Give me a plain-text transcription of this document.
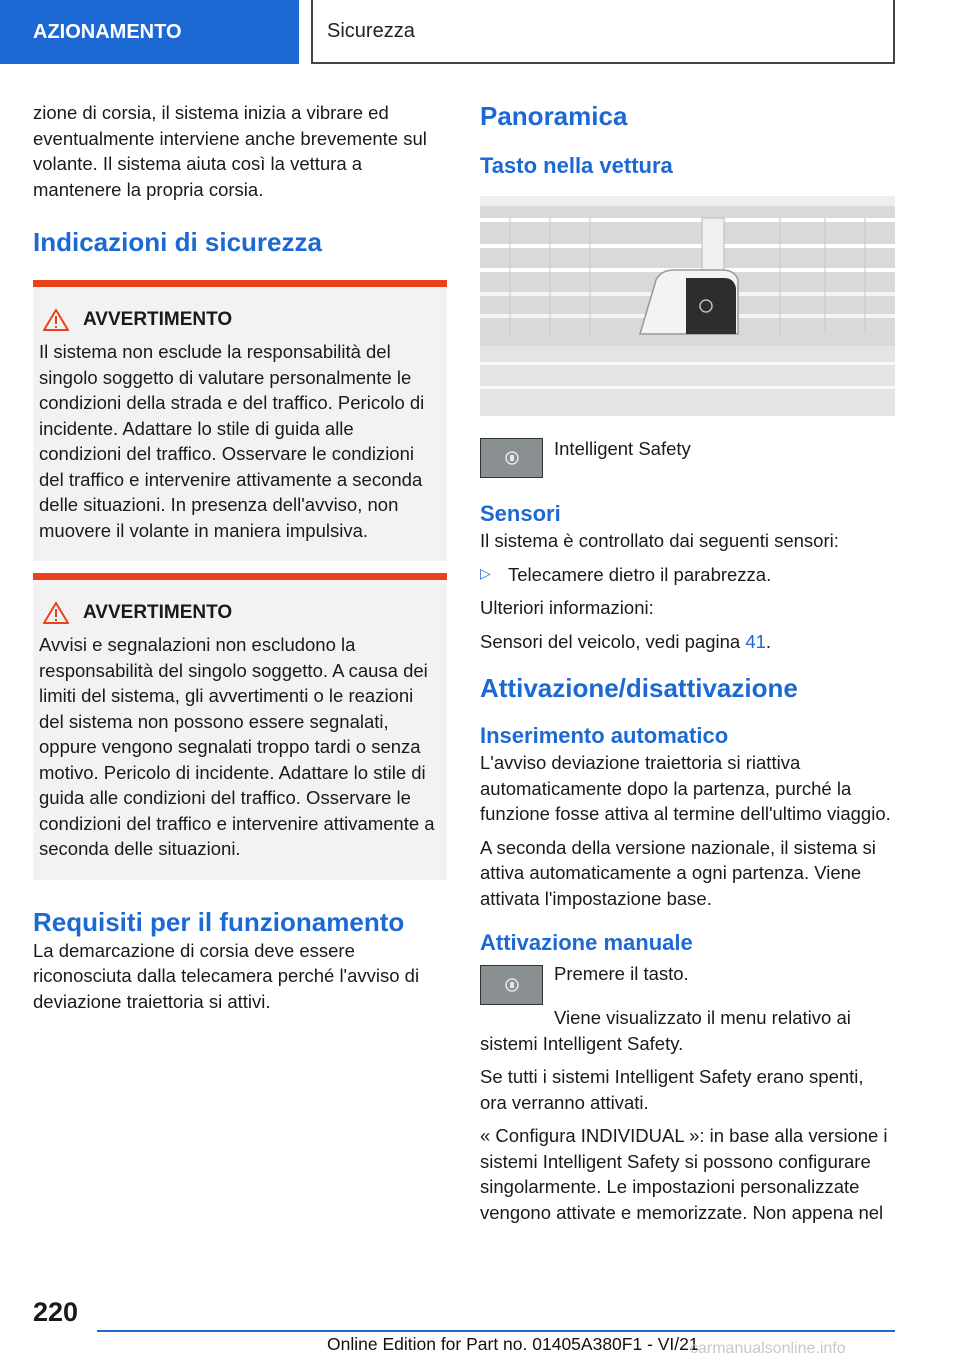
AZIONAMENTO	Sicurezza

zione di corsia, il sistema inizia a vibrare ed eventualmente interviene anche brevemente sul volante. Il sistema aiuta così la vettura a mantenere la propria corsia.

Indicazioni di sicurezza
AVVERTIMENTO

Il sistema non esclude la responsabilità del singolo soggetto di valutare personalmente le condizioni della strada e del traffico. Pericolo di incidente. Adattare lo stile di guida alle condizioni del traffico. Osservare le condizioni del traffico e intervenire attivamente a seconda delle situazioni. In presenza dell'avviso, non muovere il volante in maniera impulsiva.

AVVERTIMENTO

Avvisi e segnalazioni non escludono la responsabilità del singolo soggetto. A causa dei limiti del sistema, gli avvertimenti o le reazioni del sistema non possono essere segnalati, oppure vengono segnalati troppo tardi o senza motivo. Pericolo di incidente. Adattare lo stile di guida alle condizioni del traffico. Osservare le condizioni del traffico e intervenire attivamente a seconda delle situazioni.

Requisiti per il funzionamento

La demarcazione di corsia deve essere riconosciuta dalla telecamera perché l'avviso di deviazione traiettoria si attivi.

Panoramica
Tasto nella vettura

Intelligent Safety

Sensori

Il sistema è controllato dai seguenti sensori:

▷ Telecamere dietro il parabrezza.

Ulteriori informazioni:

Sensori del veicolo, vedi pagina 41.

Attivazione/disattivazione
Inserimento automatico

L'avviso deviazione traiettoria si riattiva automaticamente dopo la partenza, purché la funzione fosse attiva al termine dell'ultimo viaggio.

A seconda della versione nazionale, il sistema si attiva automaticamente a ogni partenza. Viene attivata l'impostazione base.

Attivazione manuale

Premere il tasto.

Viene visualizzato il menu relativo ai sistemi Intelligent Safety.

Se tutti i sistemi Intelligent Safety erano spenti, ora verranno attivati.

« Configura INDIVIDUAL »: in base alla versione i sistemi Intelligent Safety si possono configurare singolarmente. Le impostazioni personalizzate vengono attivate e memorizzate. Non appena nel

220
Online Edition for Part no. 01405A380F1 - VI/21
carmanualsonline.info
